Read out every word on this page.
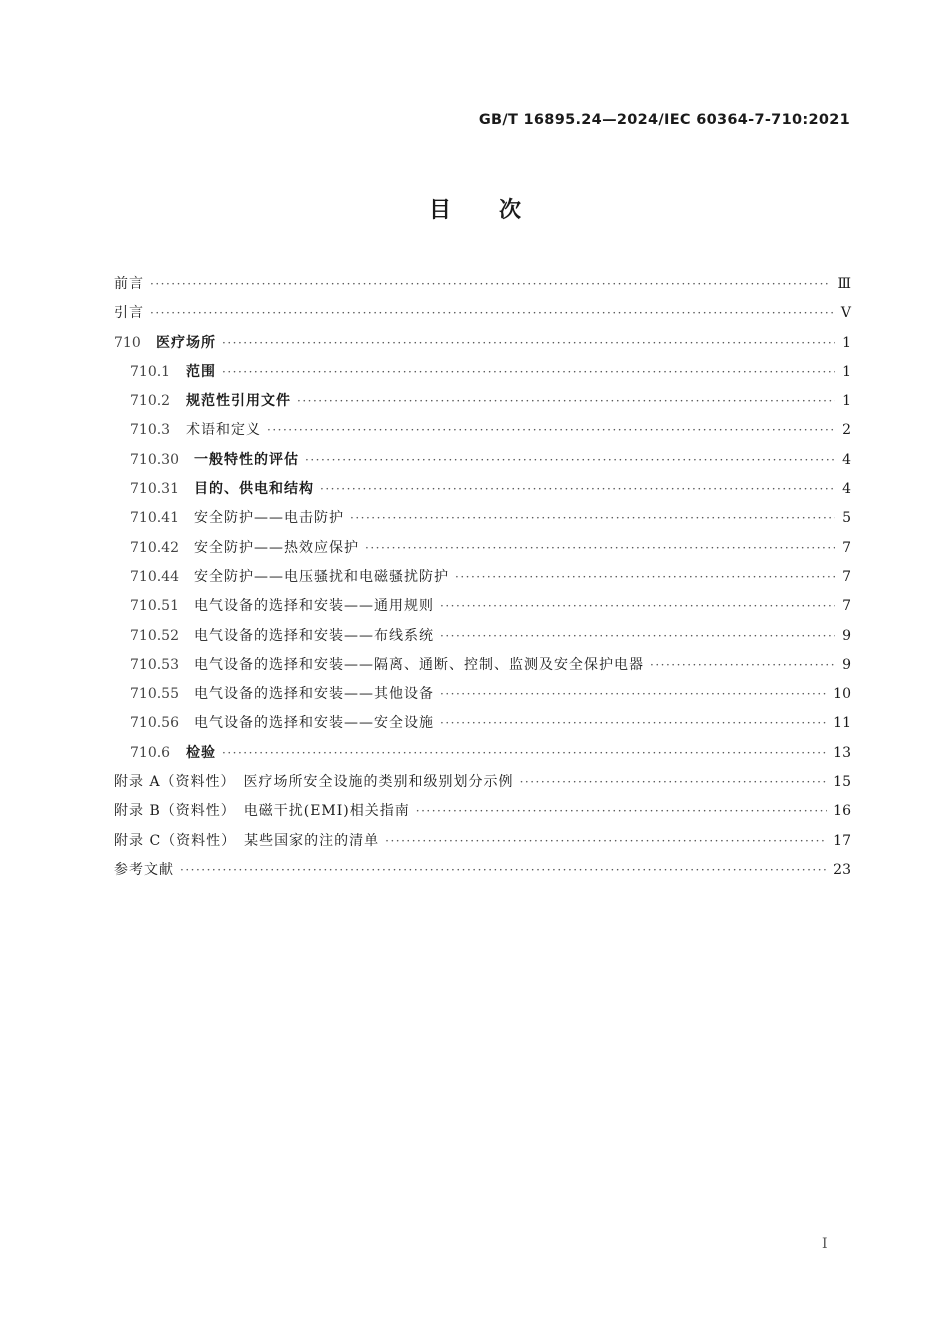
GB/T 16895.24—2024/IEC 60364-7-710:2021
目 次
前言 ·····	Ⅲ
引言 ·····	Ⅴ
710	医疗场所 ·····	1
710.1	范围 ·····	1
710.2	规范性引用文件 ·····	1
710.3	术语和定义 ·····	2
710.30	一般特性的评估 ·····	4
710.31	目的、供电和结构 ·····	4
710.41	安全防护——电击防护 ·····	5
710.42	安全防护——热效应保护 ·····	7
710.44	安全防护——电压骚扰和电磁骚扰防护 ·····	7
710.51	电气设备的选择和安装——通用规则 ·····	7
710.52	电气设备的选择和安装——布线系统 ·····	9
710.53	电气设备的选择和安装——隔离、通断、控制、监测及安全保护电器 ·····	9
710.55	电气设备的选择和安装——其他设备 ·····	10
710.56	电气设备的选择和安装——安全设施 ·····	11
710.6	检验 ·····	13
附录 A（资料性）　医疗场所安全设施的类别和级别划分示例 ·····	15
附录 B（资料性）　电磁干扰(EMI)相关指南 ·····	16
附录 C（资料性）　某些国家的注的清单 ·····	17
参考文献 ·····	23
I
